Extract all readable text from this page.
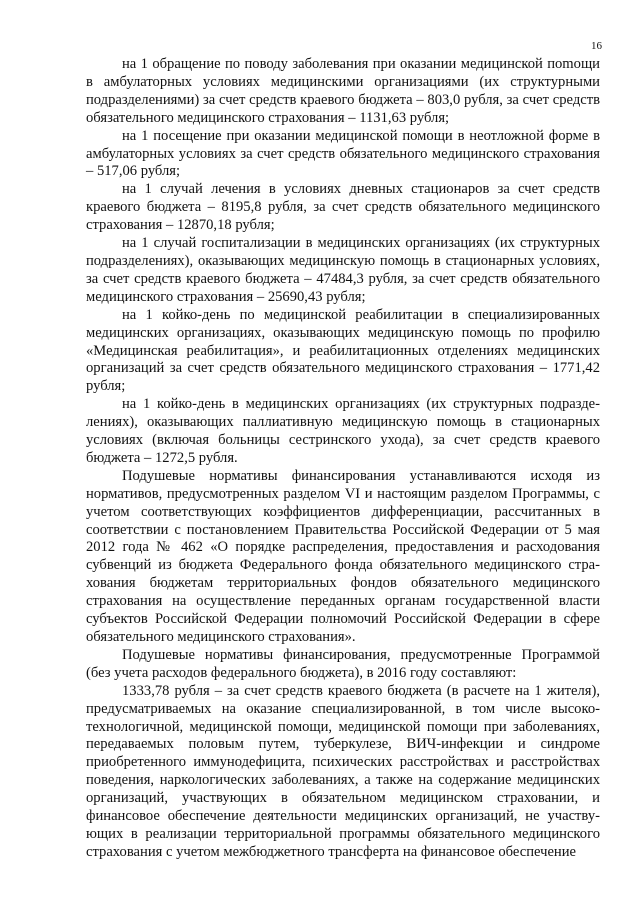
16

на 1 обращение по поводу заболевания при оказании медицинской поmощи в амбулаторных условиях медицинскими организациями (их структурными подразделениями) за счет средств краевого бюджета – 803,0 рубля, за счет средств обязательного медицинского страхования – 1131,63 рубля;

на 1 посещение при оказании медицинской помощи в неотложной форме в амбулаторных условиях за счет средств обязательного медицинского страхования – 517,06 рубля;

на 1 случай лечения в условиях дневных стационаров за счет средств краевого бюджета – 8195,8 рубля, за счет средств обязательного медицинского страхования – 12870,18 рубля;

на 1 случай госпитализации в медицинских организациях (их структурных подразделениях), оказывающих медицинскую помощь в стационарных условиях, за счет средств краевого бюджета – 47484,3 рубля, за счет средств обязательного медицинского страхования – 25690,43 рубля;

на 1 койко-день по медицинской реабилитации в специализированных медицинских организациях, оказывающих медицинскую помощь по профилю «Медицинская реабилитация», и реабилитационных отделениях медицинских организаций за счет средств обязательного медицинского страхования – 1771,42 рубля;

на 1 койко-день в медицинских организациях (их структурных подразделениях), оказывающих паллиативную медицинскую помощь в стационарных условиях (включая больницы сестринского ухода), за счет средств краевого бюджета – 1272,5 рубля.

Подушевые нормативы финансирования устанавливаются исходя из нормативов, предусмотренных разделом VI и настоящим разделом Программы, с учетом соответствующих коэффициентов дифференциации, рассчитанных в соответствии с постановлением Правительства Российской Федерации от 5 мая 2012 года № 462 «О порядке распределения, предоставления и расходования субвенций из бюджета Федерального фонда обязательного медицинского страхования бюджетам территориальных фондов обязательного медицинского страхования на осуществление переданных органам государственной власти субъектов Российской Федерации полномочий Российской Федерации в сфере обязательного медицинского страхования».

Подушевые нормативы финансирования, предусмотренные Программой (без учета расходов федерального бюджета), в 2016 году составляют:

1333,78 рубля – за счет средств краевого бюджета (в расчете на 1 жителя), предусматриваемых на оказание специализированной, в том числе высокотехнологичной, медицинской помощи, медицинской помощи при заболеваниях, передаваемых половым путем, туберкулезе, ВИЧ-инфекции и синдроме приобретенного иммунодефицита, психических расстройствах и расстройствах поведения, наркологических заболеваниях, а также на содержание медицинских организаций, участвующих в обязательном медицинском страховании, и финансовое обеспечение деятельности медицинских организаций, не участвующих в реализации территориальной программы обязательного медицинского страхования с учетом межбюджетного трансферта на финансовое обеспечение
